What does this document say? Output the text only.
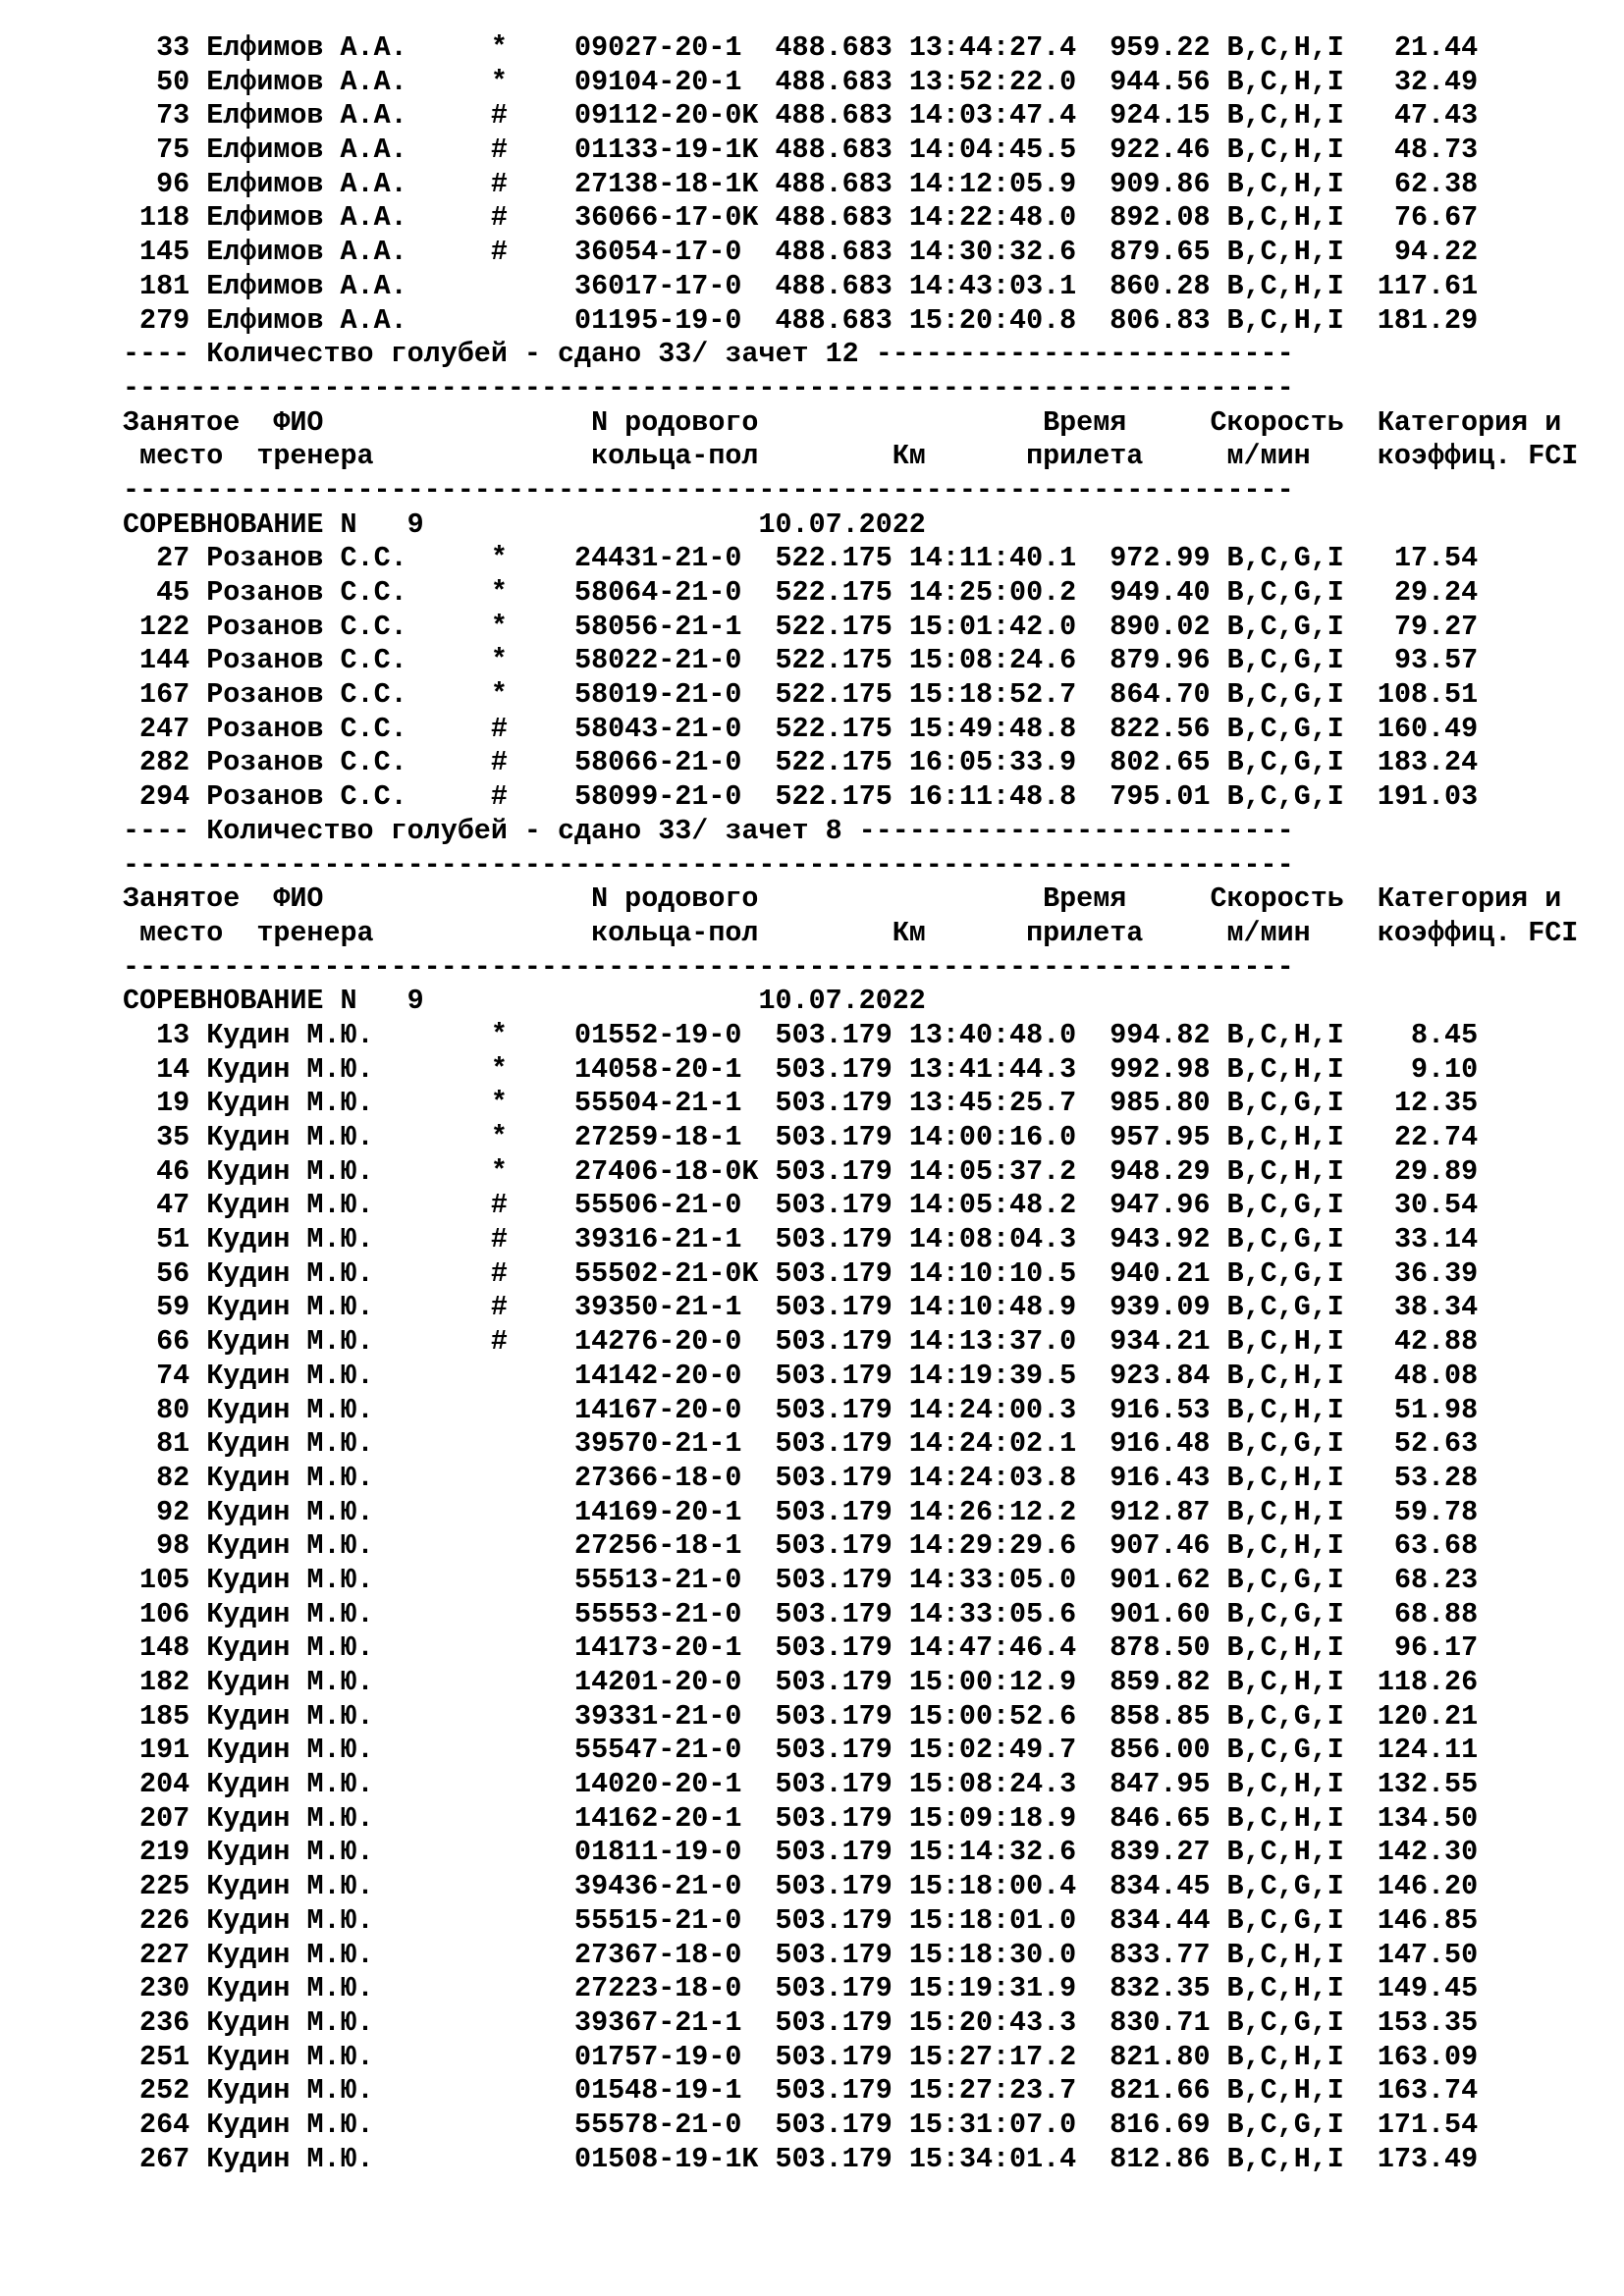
33 Елфимов А.А.	* 09027-20-1 488.683 13:44:27.4 959.22 B,C,H,I 21.44
50 Елфимов А.А.	* 09104-20-1 488.683 13:52:22.0 944.56 B,C,H,I 32.49
73 Елфимов А.А.	# 09112-20-0K 488.683 14:03:47.4 924.15 B,C,H,I 47.43
75 Елфимов А.А.	# 01133-19-1K 488.683 14:04:45.5 922.46 B,C,H,I 48.73
96 Елфимов А.А.	# 27138-18-1K 488.683 14:12:05.9 909.86 B,C,H,I 62.38
118 Елфимов А.А.	# 36066-17-0K 488.683 14:22:48.0 892.08 B,C,H,I 76.67
145 Елфимов А.А.	# 36054-17-0 488.683 14:30:32.6 879.65 B,C,H,I 94.22
181 Елфимов А.А.	36017-17-0 488.683 14:43:03.1 860.28 B,C,H,I 117.61
279 Елфимов А.А.	01195-19-0 488.683 15:20:40.8 806.83 B,C,H,I 181.29
---- Количество голубей - сдано 33/ зачет 12 -------------------------
----------------------------------------------------------------------
Занятое ФИО	N родового	Время	Скорость Категория и
место тренера	кольца-пол	Км	прилета	м/мин коэффиц. FCI
----------------------------------------------------------------------
СОРЕВНОВАНИЕ N 9	10.07.2022
27 Розанов С.С.	* 24431-21-0 522.175 14:11:40.1 972.99 B,C,G,I 17.54
45 Розанов С.С.	* 58064-21-0 522.175 14:25:00.2 949.40 B,C,G,I 29.24
122 Розанов С.С.	* 58056-21-1 522.175 15:01:42.0 890.02 B,C,G,I 79.27
144 Розанов С.С.	* 58022-21-0 522.175 15:08:24.6 879.96 B,C,G,I 93.57
167 Розанов С.С.	* 58019-21-0 522.175 15:18:52.7 864.70 B,C,G,I 108.51
247 Розанов С.С.	# 58043-21-0 522.175 15:49:48.8 822.56 B,C,G,I 160.49
282 Розанов С.С.	# 58066-21-0 522.175 16:05:33.9 802.65 B,C,G,I 183.24
294 Розанов С.С.	# 58099-21-0 522.175 16:11:48.8 795.01 B,C,G,I 191.03
---- Количество голубей - сдано 33/ зачет 8 --------------------------
----------------------------------------------------------------------
Занятое ФИО	N родового	Время	Скорость Категория и
место тренера	кольца-пол	Км	прилета	м/мин коэффиц. FCI
----------------------------------------------------------------------
СОРЕВНОВАНИЕ N 9	10.07.2022
13 Кудин М.Ю.	* 01552-19-0 503.179 13:40:48.0 994.82 B,C,H,I 8.45
14 Кудин М.Ю.	* 14058-20-1 503.179 13:41:44.3 992.98 B,C,H,I 9.10
19 Кудин М.Ю.	* 55504-21-1 503.179 13:45:25.7 985.80 B,C,G,I 12.35
35 Кудин М.Ю.	* 27259-18-1 503.179 14:00:16.0 957.95 B,C,H,I 22.74
46 Кудин М.Ю.	* 27406-18-0K 503.179 14:05:37.2 948.29 B,C,H,I 29.89
47 Кудин М.Ю.	# 55506-21-0 503.179 14:05:48.2 947.96 B,C,G,I 30.54
51 Кудин М.Ю.	# 39316-21-1 503.179 14:08:04.3 943.92 B,C,G,I 33.14
56 Кудин М.Ю.	# 55502-21-0K 503.179 14:10:10.5 940.21 B,C,G,I 36.39
59 Кудин М.Ю.	# 39350-21-1 503.179 14:10:48.9 939.09 B,C,G,I 38.34
66 Кудин М.Ю.	# 14276-20-0 503.179 14:13:37.0 934.21 B,C,H,I 42.88
74 Кудин М.Ю.	14142-20-0 503.179 14:19:39.5 923.84 B,C,H,I 48.08
80 Кудин М.Ю.	14167-20-0 503.179 14:24:00.3 916.53 B,C,H,I 51.98
81 Кудин М.Ю.	39570-21-1 503.179 14:24:02.1 916.48 B,C,G,I 52.63
82 Кудин М.Ю.	27366-18-0 503.179 14:24:03.8 916.43 B,C,H,I 53.28
92 Кудин М.Ю.	14169-20-1 503.179 14:26:12.2 912.87 B,C,H,I 59.78
98 Кудин М.Ю.	27256-18-1 503.179 14:29:29.6 907.46 B,C,H,I 63.68
105 Кудин М.Ю.	55513-21-0 503.179 14:33:05.0 901.62 B,C,G,I 68.23
106 Кудин М.Ю.	55553-21-0 503.179 14:33:05.6 901.60 B,C,G,I 68.88
148 Кудин М.Ю.	14173-20-1 503.179 14:47:46.4 878.50 B,C,H,I 96.17
182 Кудин М.Ю.	14201-20-0 503.179 15:00:12.9 859.82 B,C,H,I 118.26
185 Кудин М.Ю.	39331-21-0 503.179 15:00:52.6 858.85 B,C,G,I 120.21
191 Кудин М.Ю.	55547-21-0 503.179 15:02:49.7 856.00 B,C,G,I 124.11
204 Кудин М.Ю.	14020-20-1 503.179 15:08:24.3 847.95 B,C,H,I 132.55
207 Кудин М.Ю.	14162-20-1 503.179 15:09:18.9 846.65 B,C,H,I 134.50
219 Кудин М.Ю.	01811-19-0 503.179 15:14:32.6 839.27 B,C,H,I 142.30
225 Кудин М.Ю.	39436-21-0 503.179 15:18:00.4 834.45 B,C,G,I 146.20
226 Кудин М.Ю.	55515-21-0 503.179 15:18:01.0 834.44 B,C,G,I 146.85
227 Кудин М.Ю.	27367-18-0 503.179 15:18:30.0 833.77 B,C,H,I 147.50
230 Кудин М.Ю.	27223-18-0 503.179 15:19:31.9 832.35 B,C,H,I 149.45
236 Кудин М.Ю.	39367-21-1 503.179 15:20:43.3 830.71 B,C,G,I 153.35
251 Кудин М.Ю.	01757-19-0 503.179 15:27:17.2 821.80 B,C,H,I 163.09
252 Кудин М.Ю.	01548-19-1 503.179 15:27:23.7 821.66 B,C,H,I 163.74
264 Кудин М.Ю.	55578-21-0 503.179 15:31:07.0 816.69 B,C,G,I 171.54
267 Кудин М.Ю.	01508-19-1K 503.179 15:34:01.4 812.86 B,C,H,I 173.49
